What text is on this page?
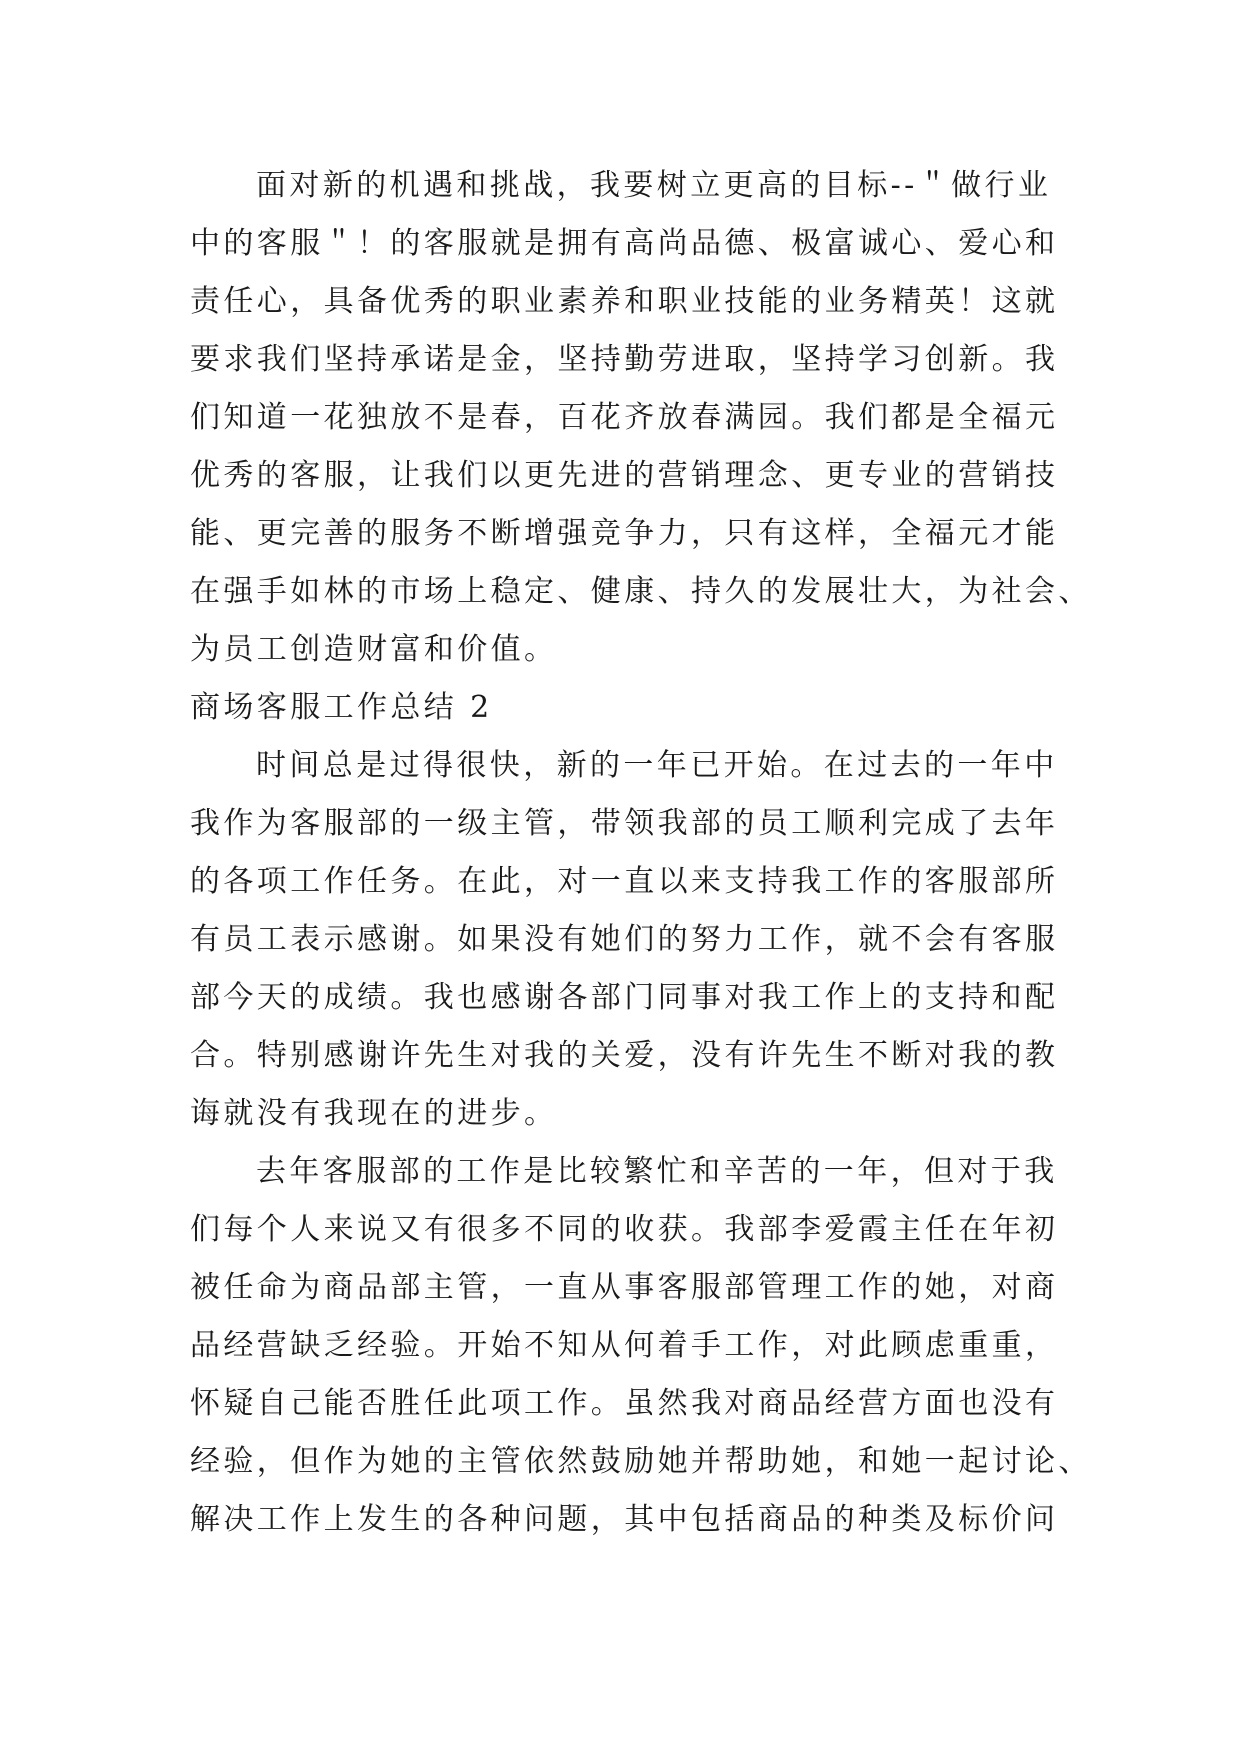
面对新的机遇和挑战，我要树立更高的目标--＂做行业
中的客服＂！的客服就是拥有高尚品德、极富诚心、爱心和
责任心，具备优秀的职业素养和职业技能的业务精英！这就
要求我们坚持承诺是金，坚持勤劳进取，坚持学习创新。我
们知道一花独放不是春，百花齐放春满园。我们都是全福元
优秀的客服，让我们以更先进的营销理念、更专业的营销技
能、更完善的服务不断增强竞争力，只有这样，全福元才能
在强手如林的市场上稳定、健康、持久的发展壮大，为社会、
为员工创造财富和价值。
商场客服工作总结 2
时间总是过得很快，新的一年已开始。在过去的一年中
我作为客服部的一级主管，带领我部的员工顺利完成了去年
的各项工作任务。在此，对一直以来支持我工作的客服部所
有员工表示感谢。如果没有她们的努力工作，就不会有客服
部今天的成绩。我也感谢各部门同事对我工作上的支持和配
合。特别感谢许先生对我的关爱，没有许先生不断对我的教
诲就没有我现在的进步。
去年客服部的工作是比较繁忙和辛苦的一年，但对于我
们每个人来说又有很多不同的收获。我部李爱霞主任在年初
被任命为商品部主管，一直从事客服部管理工作的她，对商
品经营缺乏经验。开始不知从何着手工作，对此顾虑重重，
怀疑自己能否胜任此项工作。虽然我对商品经营方面也没有
经验，但作为她的主管依然鼓励她并帮助她，和她一起讨论、
解决工作上发生的各种问题，其中包括商品的种类及标价问
